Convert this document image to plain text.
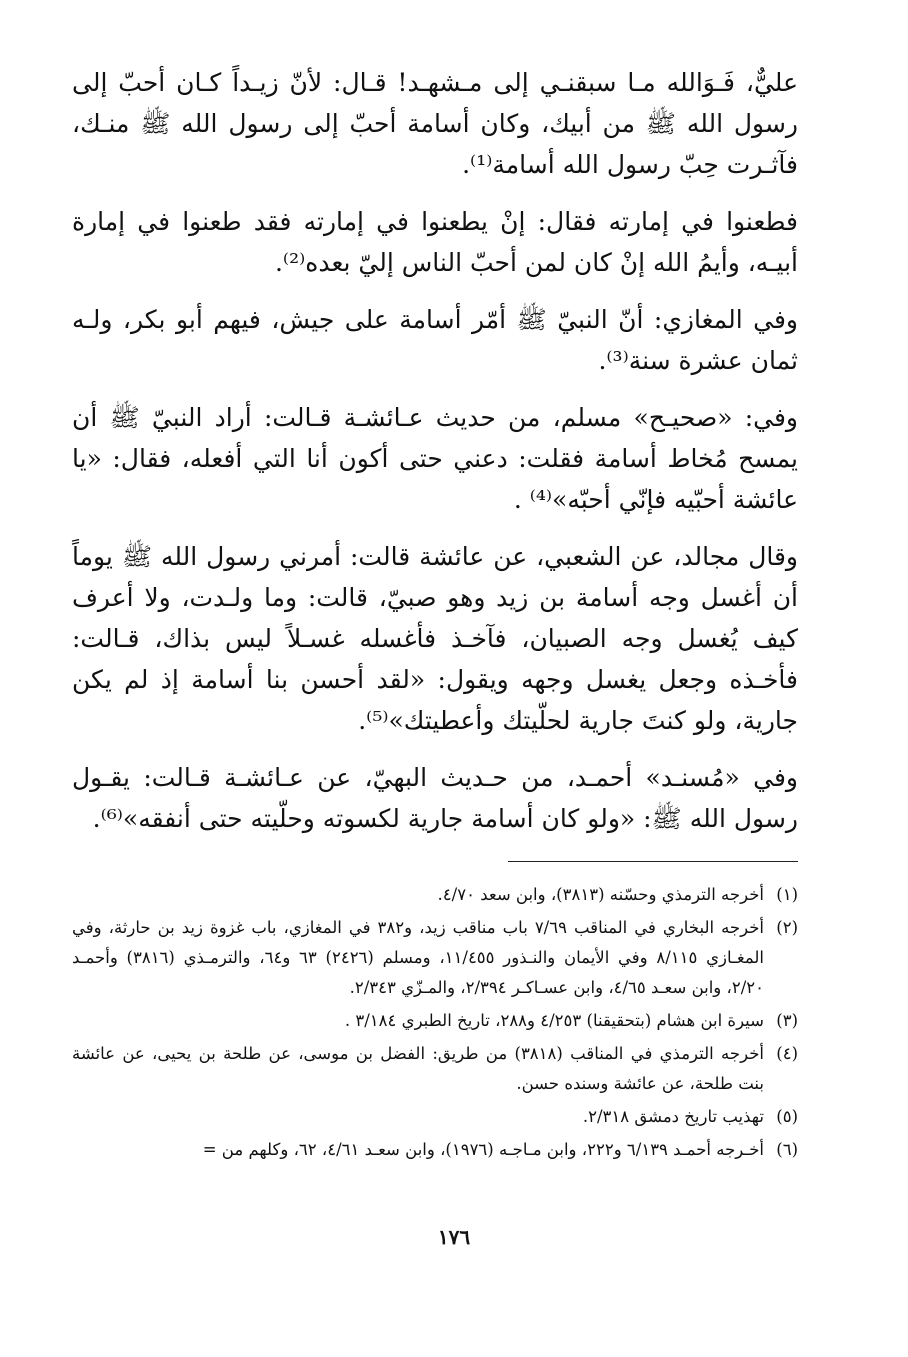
عليٌّ، فَـوَالله مـا سبقنـي إلى مـشهـد! قـال: لأنّ زيـداً كـان أحبّ إلى رسول الله ﷺ من أبيك، وكان أسامة أحبّ إلى رسول الله ﷺ منـك، فآثـرت حِبّ رسول الله أسامة⁽¹⁾.

فطعنوا في إمارته فقال: إنْ يطعنوا في إمارته فقد طعنوا في إمارة أبيـه، وأيمُ الله إنْ كان لمن أحبّ الناس إليّ بعده⁽²⁾.

وفي المغازي: أنّ النبيّ ﷺ أمّر أسامة على جيش، فيهم أبو بكر، ولـه ثمان عشرة سنة⁽³⁾.

وفي: «صحيـح» مسلم، من حديث عـائشـة قـالت: أراد النبيّ ﷺ أن يمسح مُخاط أسامة فقلت: دعني حتى أكون أنا التي أفعله، فقال: «يا عائشة أحبّيه فإنّي أحبّه»⁽⁴⁾ .

وقال مجالد، عن الشعبي، عن عائشة قالت: أمرني رسول الله ﷺ يوماً أن أغسل وجه أسامة بن زيد وهو صبيّ، قالت: وما ولـدت، ولا أعرف كيف يُغسل وجه الصبيان، فآخـذ فأغسله غسـلاً ليس بذاك، قـالت: فأخـذه وجعل يغسل وجهه ويقول: «لقد أحسن بنا أسامة إذ لم يكن جارية، ولو كنتَ جارية لحلّيتك وأعطيتك»⁽⁵⁾.

وفي «مُسنـد» أحمـد، من حـديث البهيّ، عن عـائشـة قـالت: يقـول رسول الله ﷺ: «ولو كان أسامة جارية لكسوته وحلّيته حتى أنفقه»⁽⁶⁾.

(١)
أخرجه الترمذي وحسّنه (٣٨١٣)، وابن سعد ٤/٧٠.
(٢)
أخرجه البخاري في المناقب ٧/٦٩ باب مناقب زيد، و٣٨٢ في المغازي، باب غزوة زيد بن حارثة، وفي المغـازي ٨/١١٥ وفي الأيمان والنـذور ١١/٤٥٥، ومسلم (٢٤٢٦) ٦٣ و٦٤، والترمـذي (٣٨١٦) وأحمـد ٢/٢٠، وابن سعـد ٤/٦٥، وابن عسـاكـر ٢/٣٩٤، والمـزّي ٢/٣٤٣.
(٣)
سيرة ابن هشام (بتحقيقنا) ٤/٢٥٣ و٢٨٨، تاريخ الطبري ٣/١٨٤ .
(٤)
أخرجه الترمذي في المناقب (٣٨١٨) من طريق: الفضل بن موسى، عن طلحة بن يحيى، عن عائشة بنت طلحة، عن عائشة وسنده حسن.
(٥)
تهذيب تاريخ دمشق ٢/٣١٨.
(٦)
أخـرجه أحمـد ٦/١٣٩ و٢٢٢، وابن مـاجـه (١٩٧٦)، وابن سعـد ٤/٦١، ٦٢، وكلهم من =
١٧٦
